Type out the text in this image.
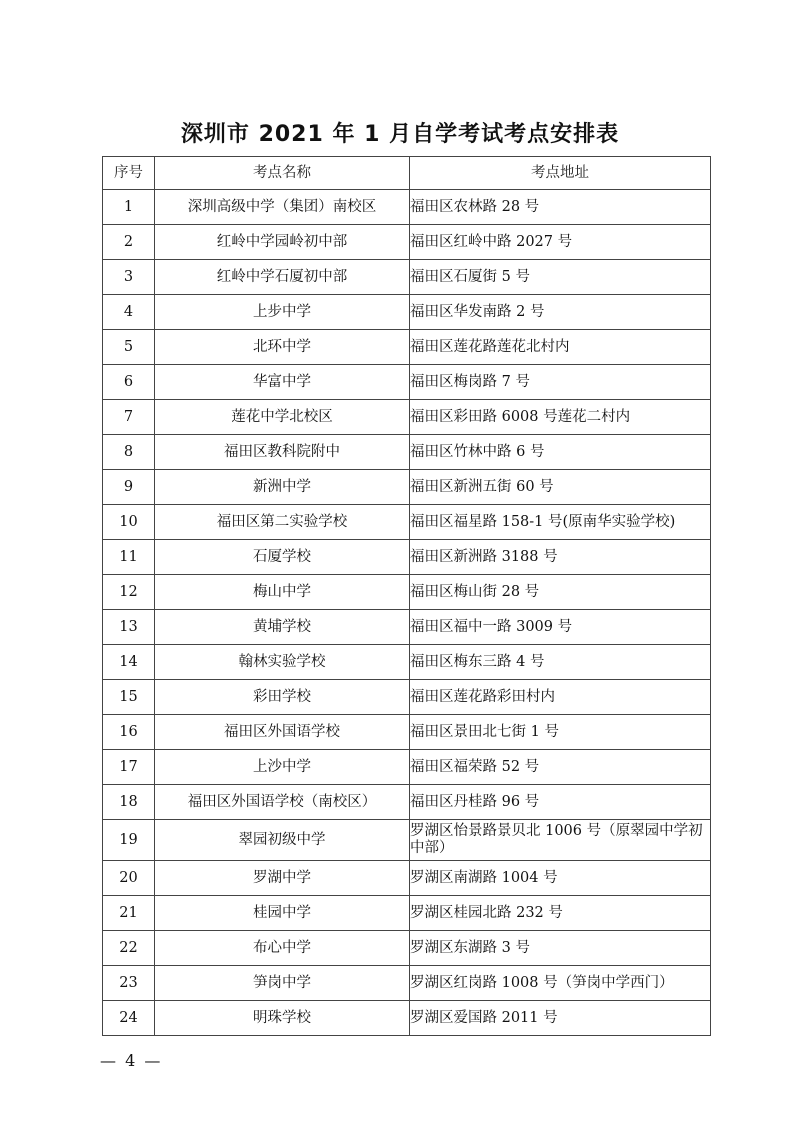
深圳市 2021 年 1 月自学考试考点安排表
序号	考点名称	考点地址
1	深圳高级中学（集团）南校区	福田区农林路 28 号
2	红岭中学园岭初中部	福田区红岭中路 2027 号
3	红岭中学石厦初中部	福田区石厦街 5 号
4	上步中学	福田区华发南路 2 号
5	北环中学	福田区莲花路莲花北村内
6	华富中学	福田区梅岗路 7 号
7	莲花中学北校区	福田区彩田路 6008 号莲花二村内
8	福田区教科院附中	福田区竹林中路 6 号
9	新洲中学	福田区新洲五街 60 号
10	福田区第二实验学校	福田区福星路 158-1 号(原南华实验学校)
11	石厦学校	福田区新洲路 3188 号
12	梅山中学	福田区梅山街 28 号
13	黄埔学校	福田区福中一路 3009 号
14	翰林实验学校	福田区梅东三路 4 号
15	彩田学校	福田区莲花路彩田村内
16	福田区外国语学校	福田区景田北七街 1 号
17	上沙中学	福田区福荣路 52 号
18	福田区外国语学校（南校区）	福田区丹桂路 96 号
19	翠园初级中学	罗湖区怡景路景贝北 1006 号（原翠园中学初中部）
20	罗湖中学	罗湖区南湖路 1004 号
21	桂园中学	罗湖区桂园北路 232 号
22	布心中学	罗湖区东湖路 3 号
23	笋岗中学	罗湖区红岗路 1008 号（笋岗中学西门）
24	明珠学校	罗湖区爱国路 2011 号
— 4 —
